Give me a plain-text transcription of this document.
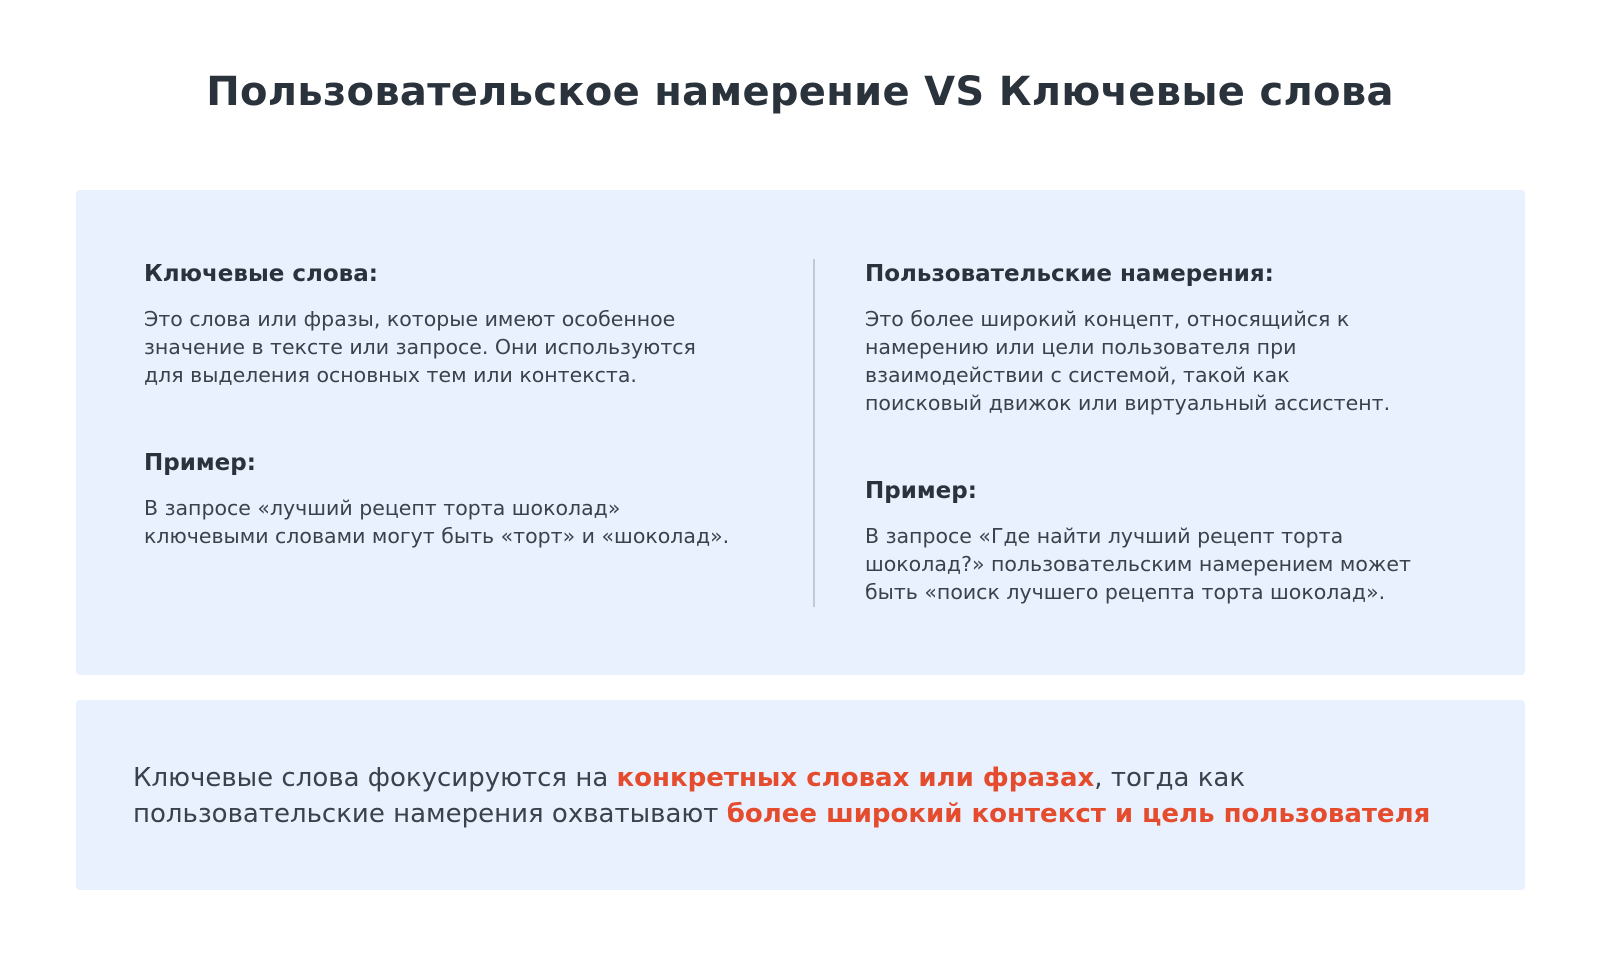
Пользовательское намерение VS Ключевые слова
Ключевые слова:

Это слова или фразы, которые имеют особенное
значение в тексте или запросе. Они используются
для выделения основных тем или контекста.

Пример:

В запросе «лучший рецепт торта шоколад»
ключевыми словами могут быть «торт» и «шоколад».

Пользовательские намерения:

Это более широкий концепт, относящийся к
намерению или цели пользователя при
взаимодействии с системой, такой как
поисковый движок или виртуальный ассистент.

Пример:

В запросе «Где найти лучший рецепт торта
шоколад?» пользовательским намерением может
быть «поиск лучшего рецепта торта шоколад».

Ключевые слова фокусируются на конкретных словах или фразах, тогда как
пользовательские намерения охватывают более широкий контекст и цель пользователя
